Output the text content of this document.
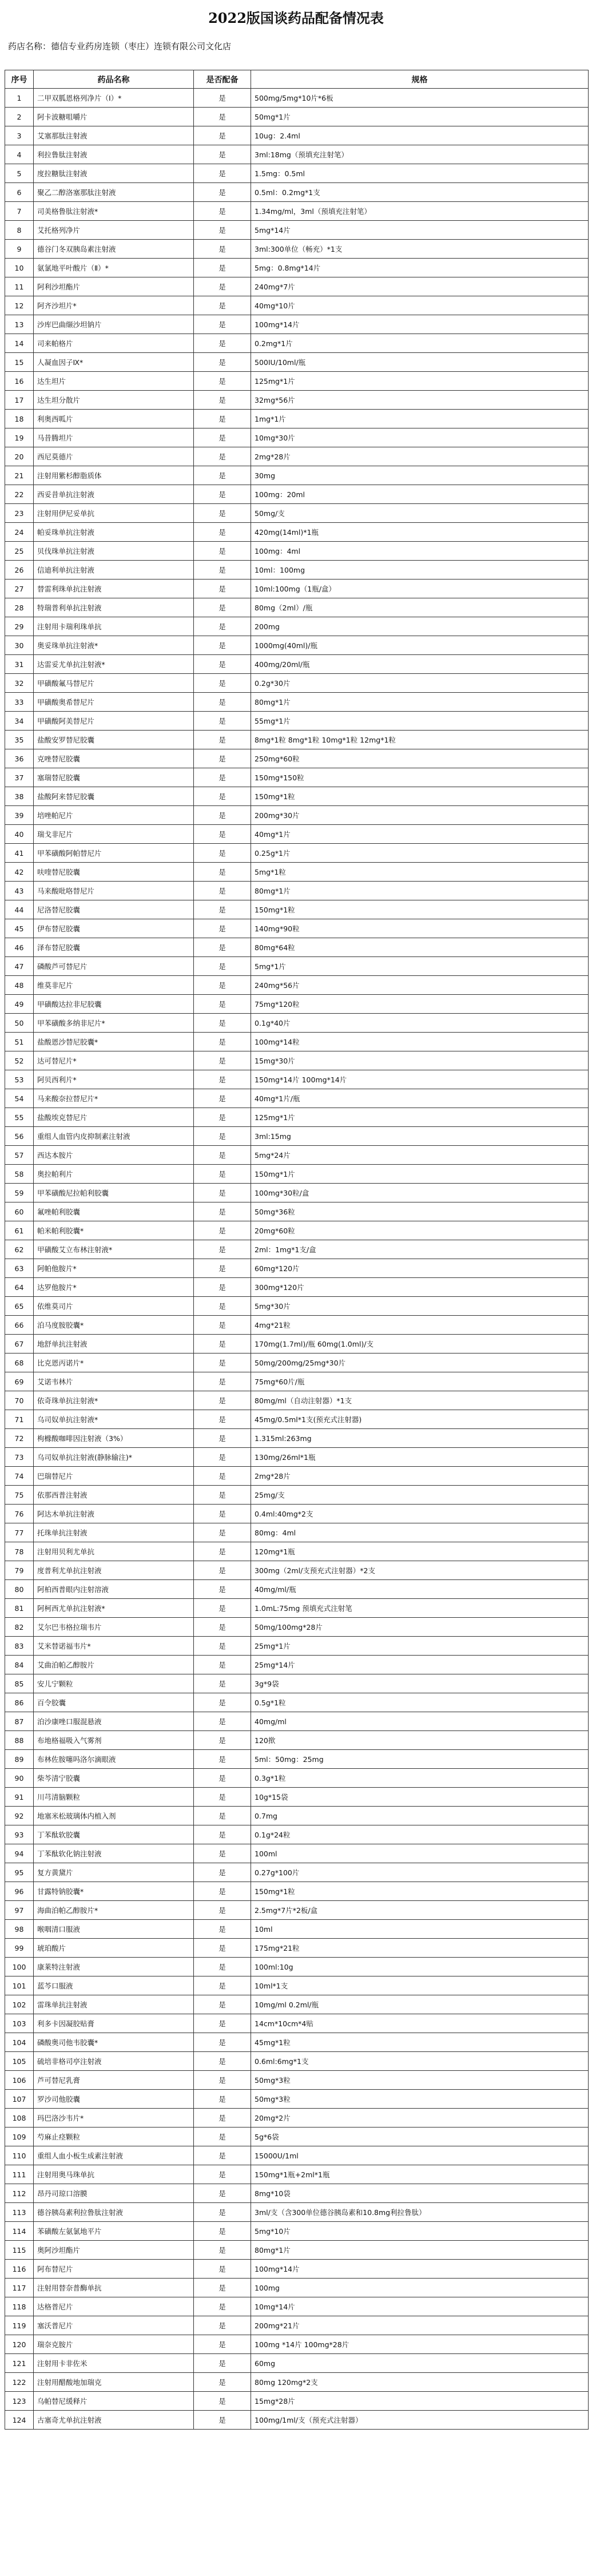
2022版国谈药品配备情况表
药店名称：德信专业药房连锁（枣庄）连锁有限公司文化店
序号	药品名称	是否配备	规格
1	二甲双胍恩格列净片（Ⅰ）*	是	500mg/5mg*10片*6板
2	阿卡波糖咀嚼片	是	50mg*1片
3	艾塞那肽注射液	是	10ug：2.4ml
4	利拉鲁肽注射液	是	3ml:18mg（预填充注射笔）
5	度拉糖肽注射液	是	1.5mg：0.5ml
6	聚乙二醇洛塞那肽注射液	是	0.5ml：0.2mg*1支
7	司美格鲁肽注射液*	是	1.34mg/ml，3ml（预填充注射笔）
8	艾托格列净片	是	5mg*14片
9	德谷门冬双胰岛素注射液	是	3ml:300单位（畅充）*1支
10	氨氯地平叶酸片（Ⅱ）*	是	5mg：0.8mg*14片
11	阿利沙坦酯片	是	240mg*7片
12	阿齐沙坦片*	是	40mg*10片
13	沙库巴曲缬沙坦钠片	是	100mg*14片
14	司来帕格片	是	0.2mg*1片
15	人凝血因子Ⅸ*	是	500IU/10ml/瓶
16	达生坦片	是	125mg*1片
17	达生坦分散片	是	32mg*56片
18	利奥西呱片	是	1mg*1片
19	马昔腾坦片	是	10mg*30片
20	西尼莫德片	是	2mg*28片
21	注射用紫杉醇脂质体	是	30mg
22	西妥昔单抗注射液	是	100mg：20ml
23	注射用伊尼妥单抗	是	50mg/支
24	帕妥珠单抗注射液	是	420mg(14ml)*1瓶
25	贝伐珠单抗注射液	是	100mg：4ml
26	信迪利单抗注射液	是	10ml：100mg
27	替雷利珠单抗注射液	是	10ml:100mg（1瓶/盒）
28	特瑞普利单抗注射液	是	80mg（2ml）/瓶
29	注射用卡瑞利珠单抗	是	200mg
30	奥妥珠单抗注射液*	是	1000mg(40ml)/瓶
31	达雷妥尤单抗注射液*	是	400mg/20ml/瓶
32	甲磺酸氟马替尼片	是	0.2g*30片
33	甲磺酸奥希替尼片	是	80mg*1片
34	甲磺酸阿美替尼片	是	55mg*1片
35	盐酸安罗替尼胶囊	是	8mg*1粒 8mg*1粒 10mg*1粒 12mg*1粒
36	克唑替尼胶囊	是	250mg*60粒
37	塞瑞替尼胶囊	是	150mg*150粒
38	盐酸阿来替尼胶囊	是	150mg*1粒
39	培唑帕尼片	是	200mg*30片
40	瑞戈非尼片	是	40mg*1片
41	甲苯磺酸阿帕替尼片	是	0.25g*1片
42	呋喹替尼胶囊	是	5mg*1粒
43	马来酸吡咯替尼片	是	80mg*1片
44	尼洛替尼胶囊	是	150mg*1粒
45	伊布替尼胶囊	是	140mg*90粒
46	泽布替尼胶囊	是	80mg*64粒
47	磷酸芦可替尼片	是	5mg*1片
48	维莫非尼片	是	240mg*56片
49	甲磺酸达拉非尼胶囊	是	75mg*120粒
50	甲苯磺酸多纳非尼片*	是	0.1g*40片
51	盐酸恩沙替尼胶囊*	是	100mg*14粒
52	达可替尼片*	是	15mg*30片
53	阿贝西利片*	是	150mg*14片 100mg*14片
54	马来酸奈拉替尼片*	是	40mg*1片/瓶
55	盐酸埃克替尼片	是	125mg*1片
56	重组人血管内皮抑制素注射液	是	3ml:15mg
57	西达本胺片	是	5mg*24片
58	奥拉帕利片	是	150mg*1片
59	甲苯磺酸尼拉帕利胶囊	是	100mg*30粒/盒
60	氟唑帕利胶囊	是	50mg*36粒
61	帕米帕利胶囊*	是	20mg*60粒
62	甲磺酸艾立布林注射液*	是	2ml：1mg*1支/盒
63	阿帕他胺片*	是	60mg*120片
64	达罗他胺片*	是	300mg*120片
65	依维莫司片	是	5mg*30片
66	泊马度胺胶囊*	是	4mg*21粒
67	地舒单抗注射液	是	170mg(1.7ml)/瓶 60mg(1.0ml)/支
68	比克恩丙诺片*	是	50mg/200mg/25mg*30片
69	艾诺韦林片	是	75mg*60片/瓶
70	依奇珠单抗注射液*	是	80mg/ml（自动注射器）*1支
71	乌司奴单抗注射液*	是	45mg/0.5ml*1支(预充式注射器)
72	枸橼酸咖啡因注射液（3%）	是	1.315ml:263mg
73	乌司奴单抗注射液(静脉输注)*	是	130mg/26ml*1瓶
74	巴瑞替尼片	是	2mg*28片
75	依那西普注射液	是	25mg/支
76	阿达木单抗注射液	是	0.4ml:40mg*2支
77	托珠单抗注射液	是	80mg：4ml
78	注射用贝利尤单抗	是	120mg*1瓶
79	度普利尤单抗注射液	是	300mg（2ml/支预充式注射器）*2支
80	阿柏西普眼内注射溶液	是	40mg/ml/瓶
81	阿柯西尤单抗注射液*	是	1.0mL:75mg 预填充式注射笔
82	艾尔巴韦格拉瑞韦片	是	50mg/100mg*28片
83	艾米替诺福韦片*	是	25mg*1片
84	艾曲泊帕乙醇胺片	是	25mg*14片
85	安儿宁颗粒	是	3g*9袋
86	百令胶囊	是	0.5g*1粒
87	泊沙康唑口服混悬液	是	40mg/ml
88	布地格福吸入气雾剂	是	120揿
89	布林佐胺噻吗洛尔滴眼液	是	5ml：50mg：25mg
90	柴芩清宁胶囊	是	0.3g*1粒
91	川芎清脑颗粒	是	10g*15袋
92	地塞米松玻璃体内植入剂	是	0.7mg
93	丁苯酞软胶囊	是	0.1g*24粒
94	丁苯酞软化钠注射液	是	100ml
95	复方黄黛片	是	0.27g*100片
96	甘露特钠胶囊*	是	150mg*1粒
97	海曲泊帕乙醇胺片*	是	2.5mg*7片*2板/盒
98	喉咽清口服液	是	10ml
99	琥珀酸片	是	175mg*21粒
100	康莱特注射液	是	100ml:10g
101	蓝芩口服液	是	10ml*1支
102	雷珠单抗注射液	是	10mg/ml 0.2ml/瓶
103	利多卡因凝胶贴膏	是	14cm*10cm*4贴
104	磷酸奥司他韦胶囊*	是	45mg*1粒
105	硫培非格司亭注射液	是	0.6ml:6mg*1支
106	芦可替尼乳膏	是	50mg*3粒
107	罗沙司他胶囊	是	50mg*3粒
108	玛巴洛沙韦片*	是	20mg*2片
109	芍麻止痉颗粒	是	5g*6袋
110	重组人血小板生成素注射液	是	15000U/1ml
111	注射用奥马珠单抗	是	150mg*1瓶+2ml*1瓶
112	昂丹司琼口溶膜	是	8mg*10袋
113	德谷胰岛素利拉鲁肽注射液	是	3ml/支（含300单位德谷胰岛素和10.8mg利拉鲁肽）
114	苯磺酸左氨氯地平片	是	5mg*10片
115	奥阿沙坦酯片	是	80mg*1片
116	阿布替尼片	是	100mg*14片
117	注射用替奈普酶单抗	是	100mg
118	达格普尼片	是	10mg*14片
119	塞沃普尼片	是	200mg*21片
120	瑞奈克胺片	是	100mg *14片 100mg*28片
121	注射用卡非佐米	是	60mg
122	注射用醋酸地加瑞克	是	80mg 120mg*2支
123	乌帕替尼缓释片	是	15mg*28片
124	古塞奇尤单抗注射液	是	100mg/1ml/支（预充式注射器）
